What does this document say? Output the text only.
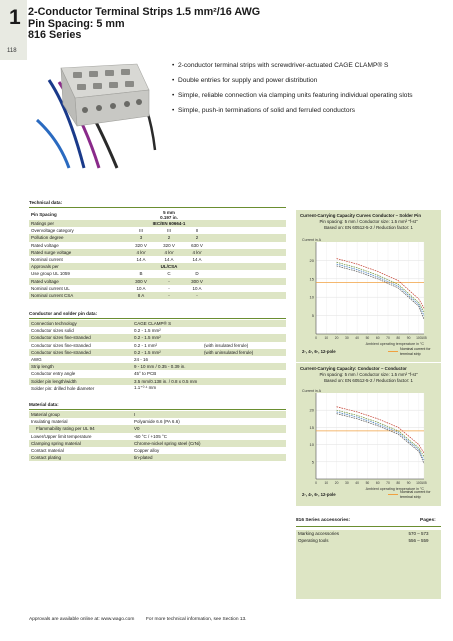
1
118
2-Conductor Terminal Strips 1.5 mm²/16 AWG
Pin Spacing: 5 mm
816 Series
• 2-conductor terminal strips with screwdriver-actuated CAGE CLAMP® S
• Double entries for supply and power distribution
• Simple, reliable connection via clamping units featuring individual operating slots
• Simple, push-in terminations of solid and ferruled conductors
Technical data:
Pin Spacing	5 mm
0.197 in.			

Ratings per	IEC/EN 60664-1			
Overvoltage category	III	III	II	
Pollution degree	3	2	2	
Rated voltage	320 V	320 V	630 V	
Rated surge voltage	4 kV	4 kV	4 kV	
Nominal current	14 A	14 A	14 A	
Approvals per	UL/CSA			
Use group UL 1059	B	C	D	
Rated voltage	300 V	-	300 V	
Nominal current UL	10 A	-	10 A	
Nominal current CSA	8 A	-	-	
Conductor and solder pin data:
Connection technology	CAGE CLAMP® S	
Conductor sizes solid	0.2 - 1.5 mm²	
Conductor sizes fine-stranded	0.2 - 1.5 mm²	
Conductor sizes fine-stranded	0.2 - 1 mm²	(with insulated ferrule)
Conductor sizes fine-stranded	0.2 - 1.5 mm²	(with uninsulated ferrule)
AWG	24 - 16	
Strip length	9 - 10 mm / 0.35 - 0.39 in.	
Conductor entry angle	45° to PCB	
Solder pin length/width	3.5 mm/0.138 in. / 0.8 x 0.5 mm	
Solder pin: drilled hole diameter	1.1⁺⁰·¹ mm	
Material data:
Material group	I
Insulating material	Polyamide 6.6 (PA 6.6)
Flammability rating per UL 94	V0
Lower/Upper limit temperature	-60 °C / +105 °C
Clamping spring material	Chrome-nickel spring steel (CrNi)
Contact material	Copper alloy
Contact plating	tin-plated
Current-Carrying Capacity Curves Conductor – Solder Pin
Pin spacing: 5 mm / Conductor size: 1.5 mm² "f-st"
Based on: EN 60512-5-2 / Reduction factor: 1
5
10
15
20
0 10 20 30 40 50 60 70 80 90 100 105
Current in A
Ambient operating temperature in °C
2-, 4-, 6-, 12-pole	Nominal current for terminal strip
Current-Carrying Capacity: Conductor – Conductor
Pin spacing: 5 mm / Conductor size: 1.5 mm² "f-st"
Based on: EN 60512-5-2 / Reduction factor: 1
5
10
15
20
0 10 20 30 40 50 60 70 80 90 100 105
Current in A
Ambient operating temperature in °C
2-, 4-, 6-, 12-pole	Nominal current for terminal strip
816 Series accessories:	Pages:
Marking accessories	570 – 573
Operating tools	556 – 559

Approvals are available online at: www.wago.com For more technical information, see Section 13.
